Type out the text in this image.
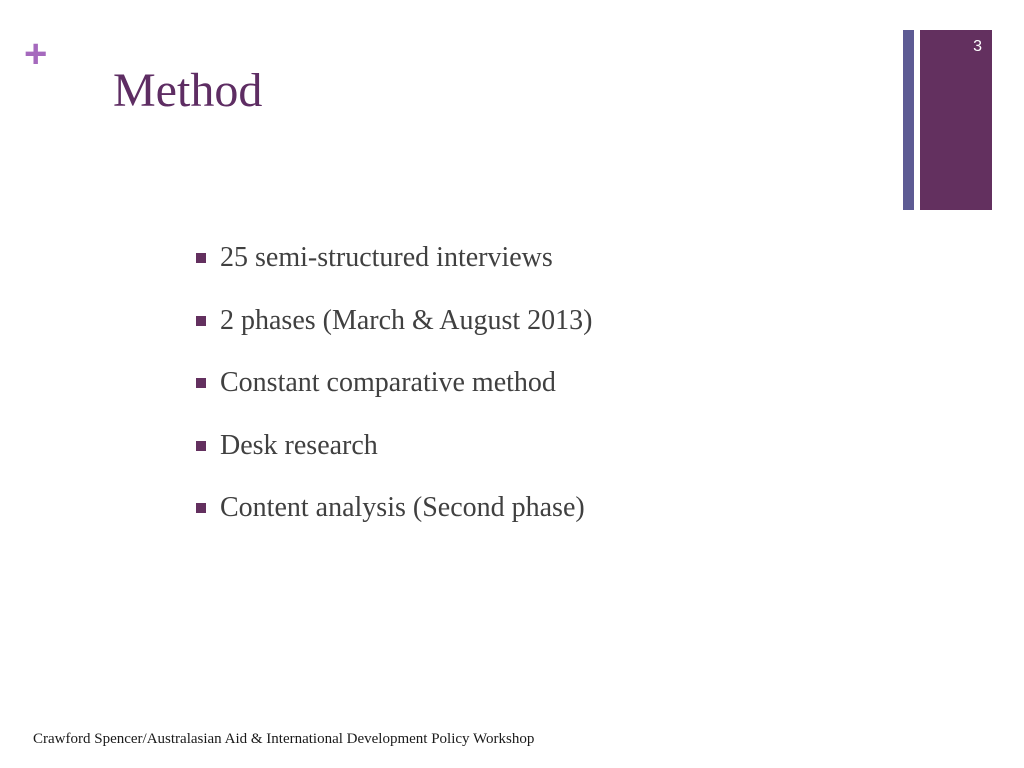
+
Method
3
25 semi-structured interviews
2 phases (March & August 2013)
Constant comparative method
Desk research
Content analysis (Second phase)
Crawford Spencer/Australasian Aid & International Development Policy Workshop
